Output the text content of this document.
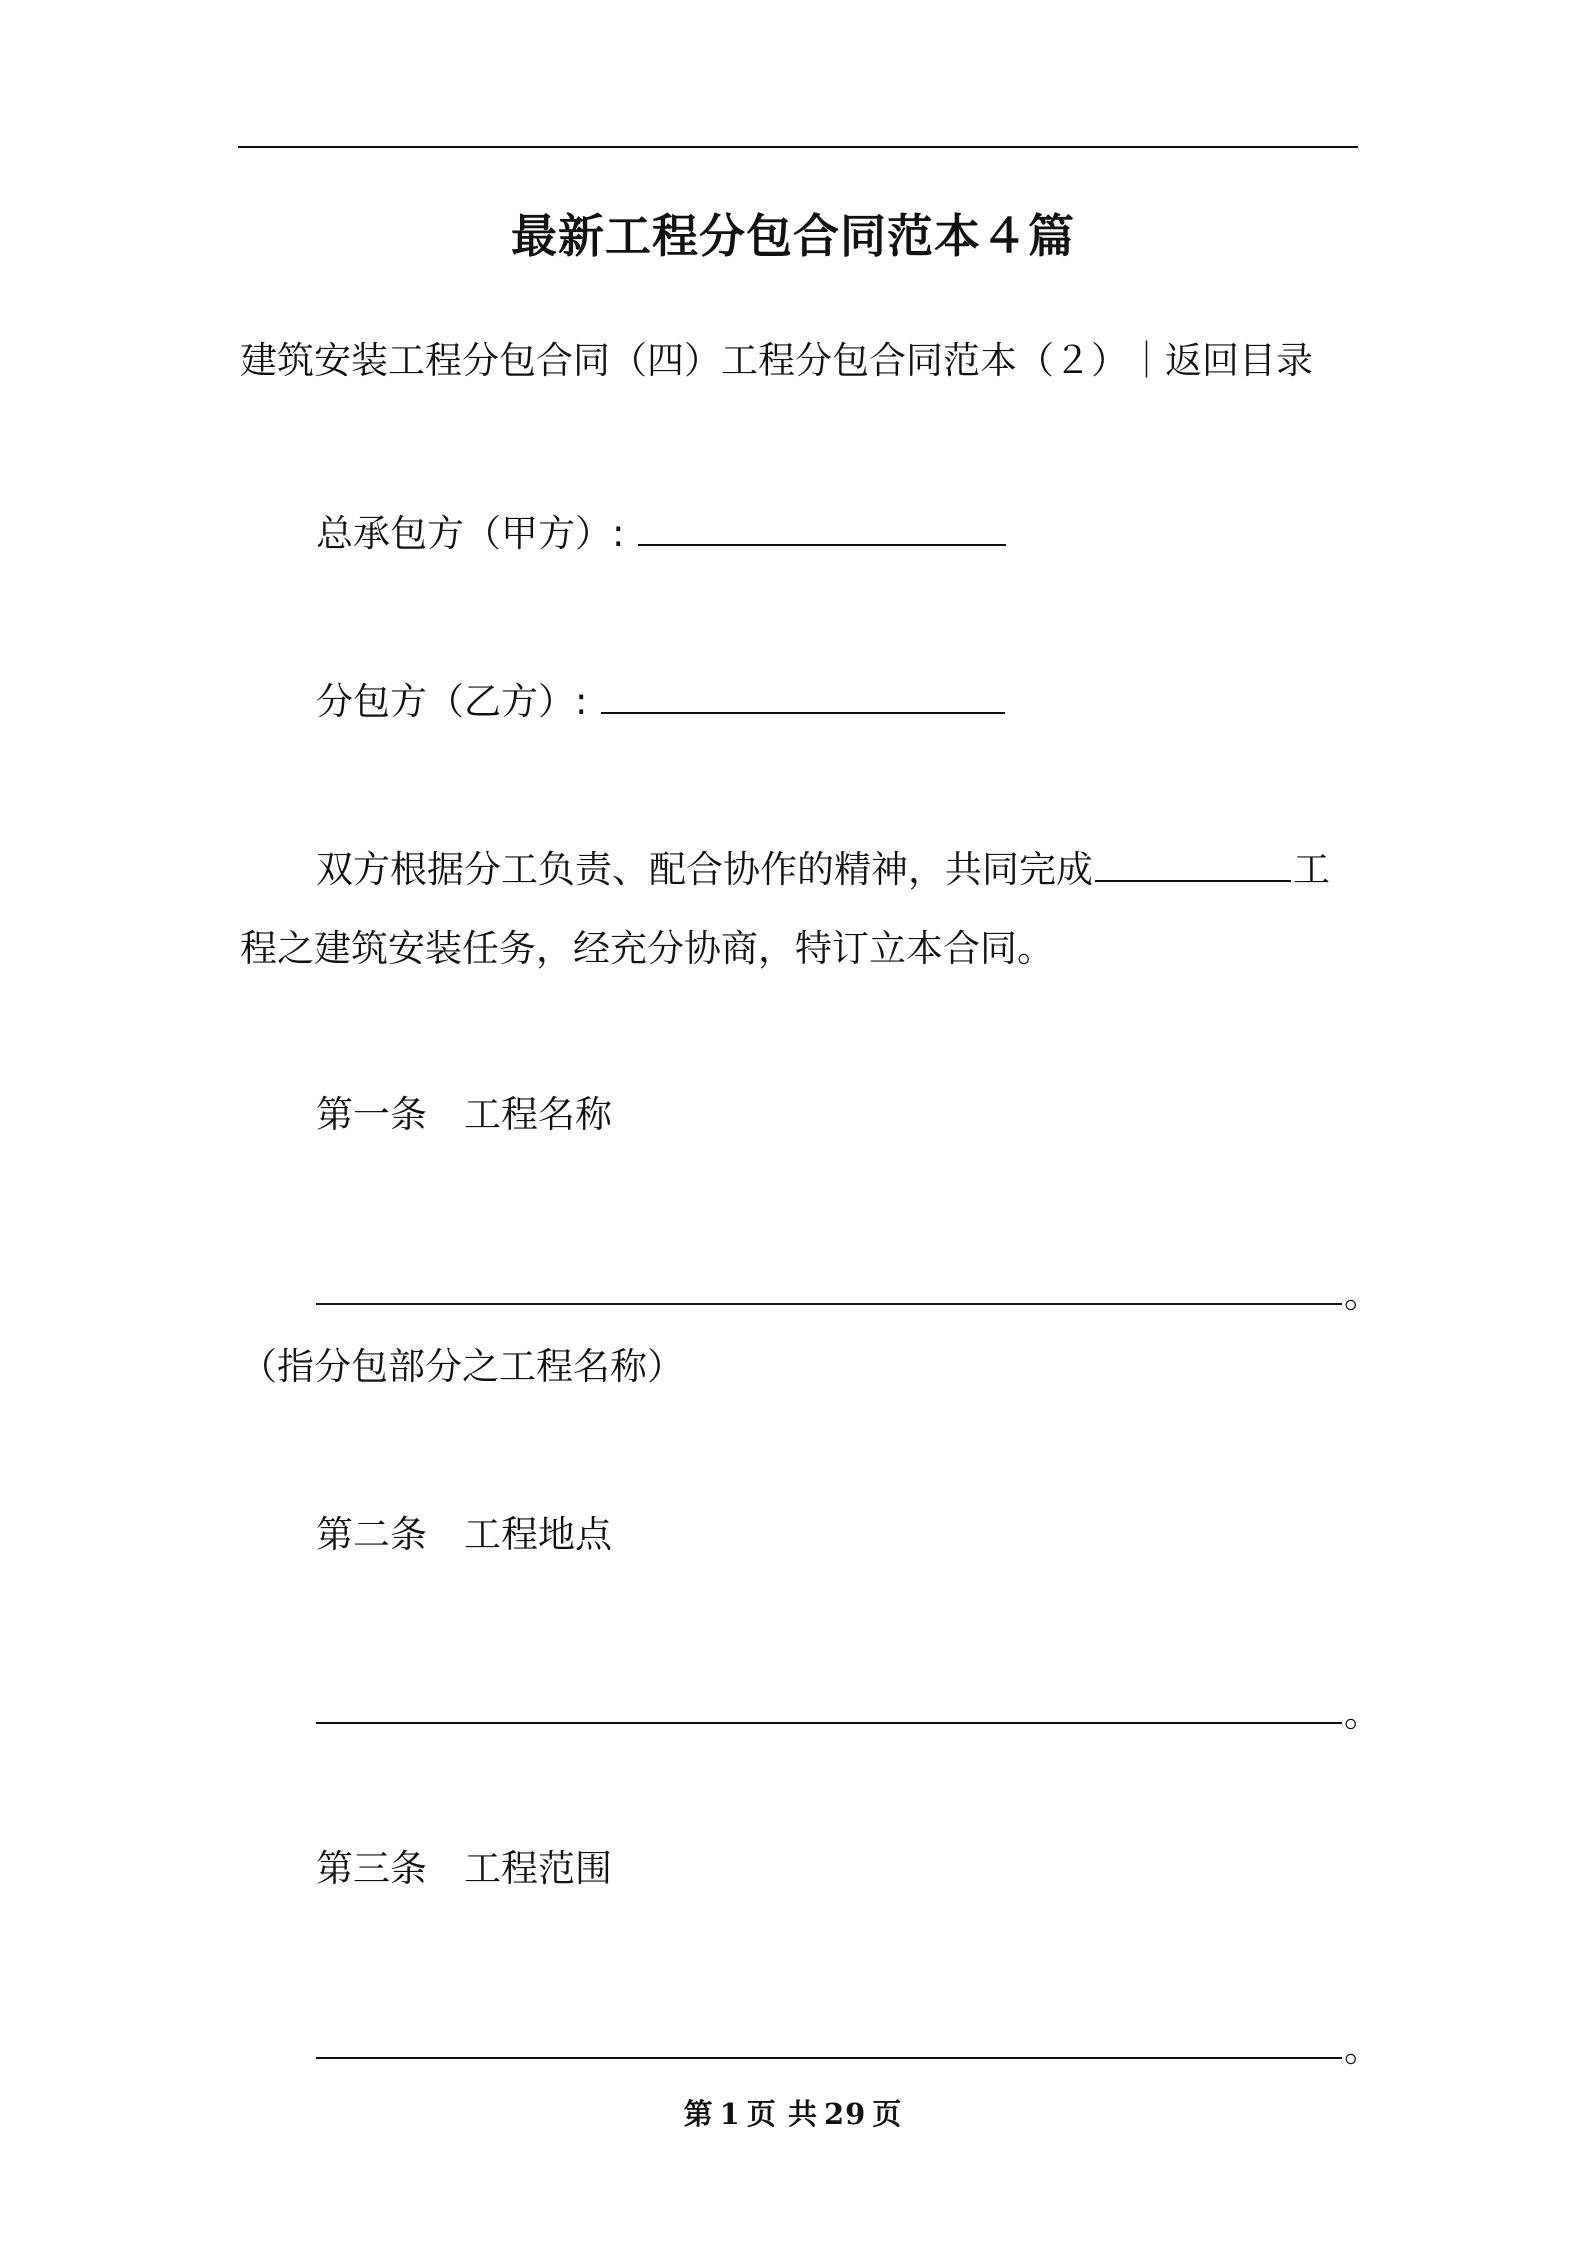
最新工程分包合同范本４篇
建筑安装工程分包合同（四）工程分包合同范本（２）｜返回目录
总承包方（甲方）:
分包方（乙方）:
双方根据分工负责、配合协作的精神，共同完成	工
程之建筑安装任务，经充分协商，特订立本合同。
第一条　工程名称
。
（指分包部分之工程名称）
第二条　工程地点
。
第三条　工程范围
。
第 1 页 共 29 页
